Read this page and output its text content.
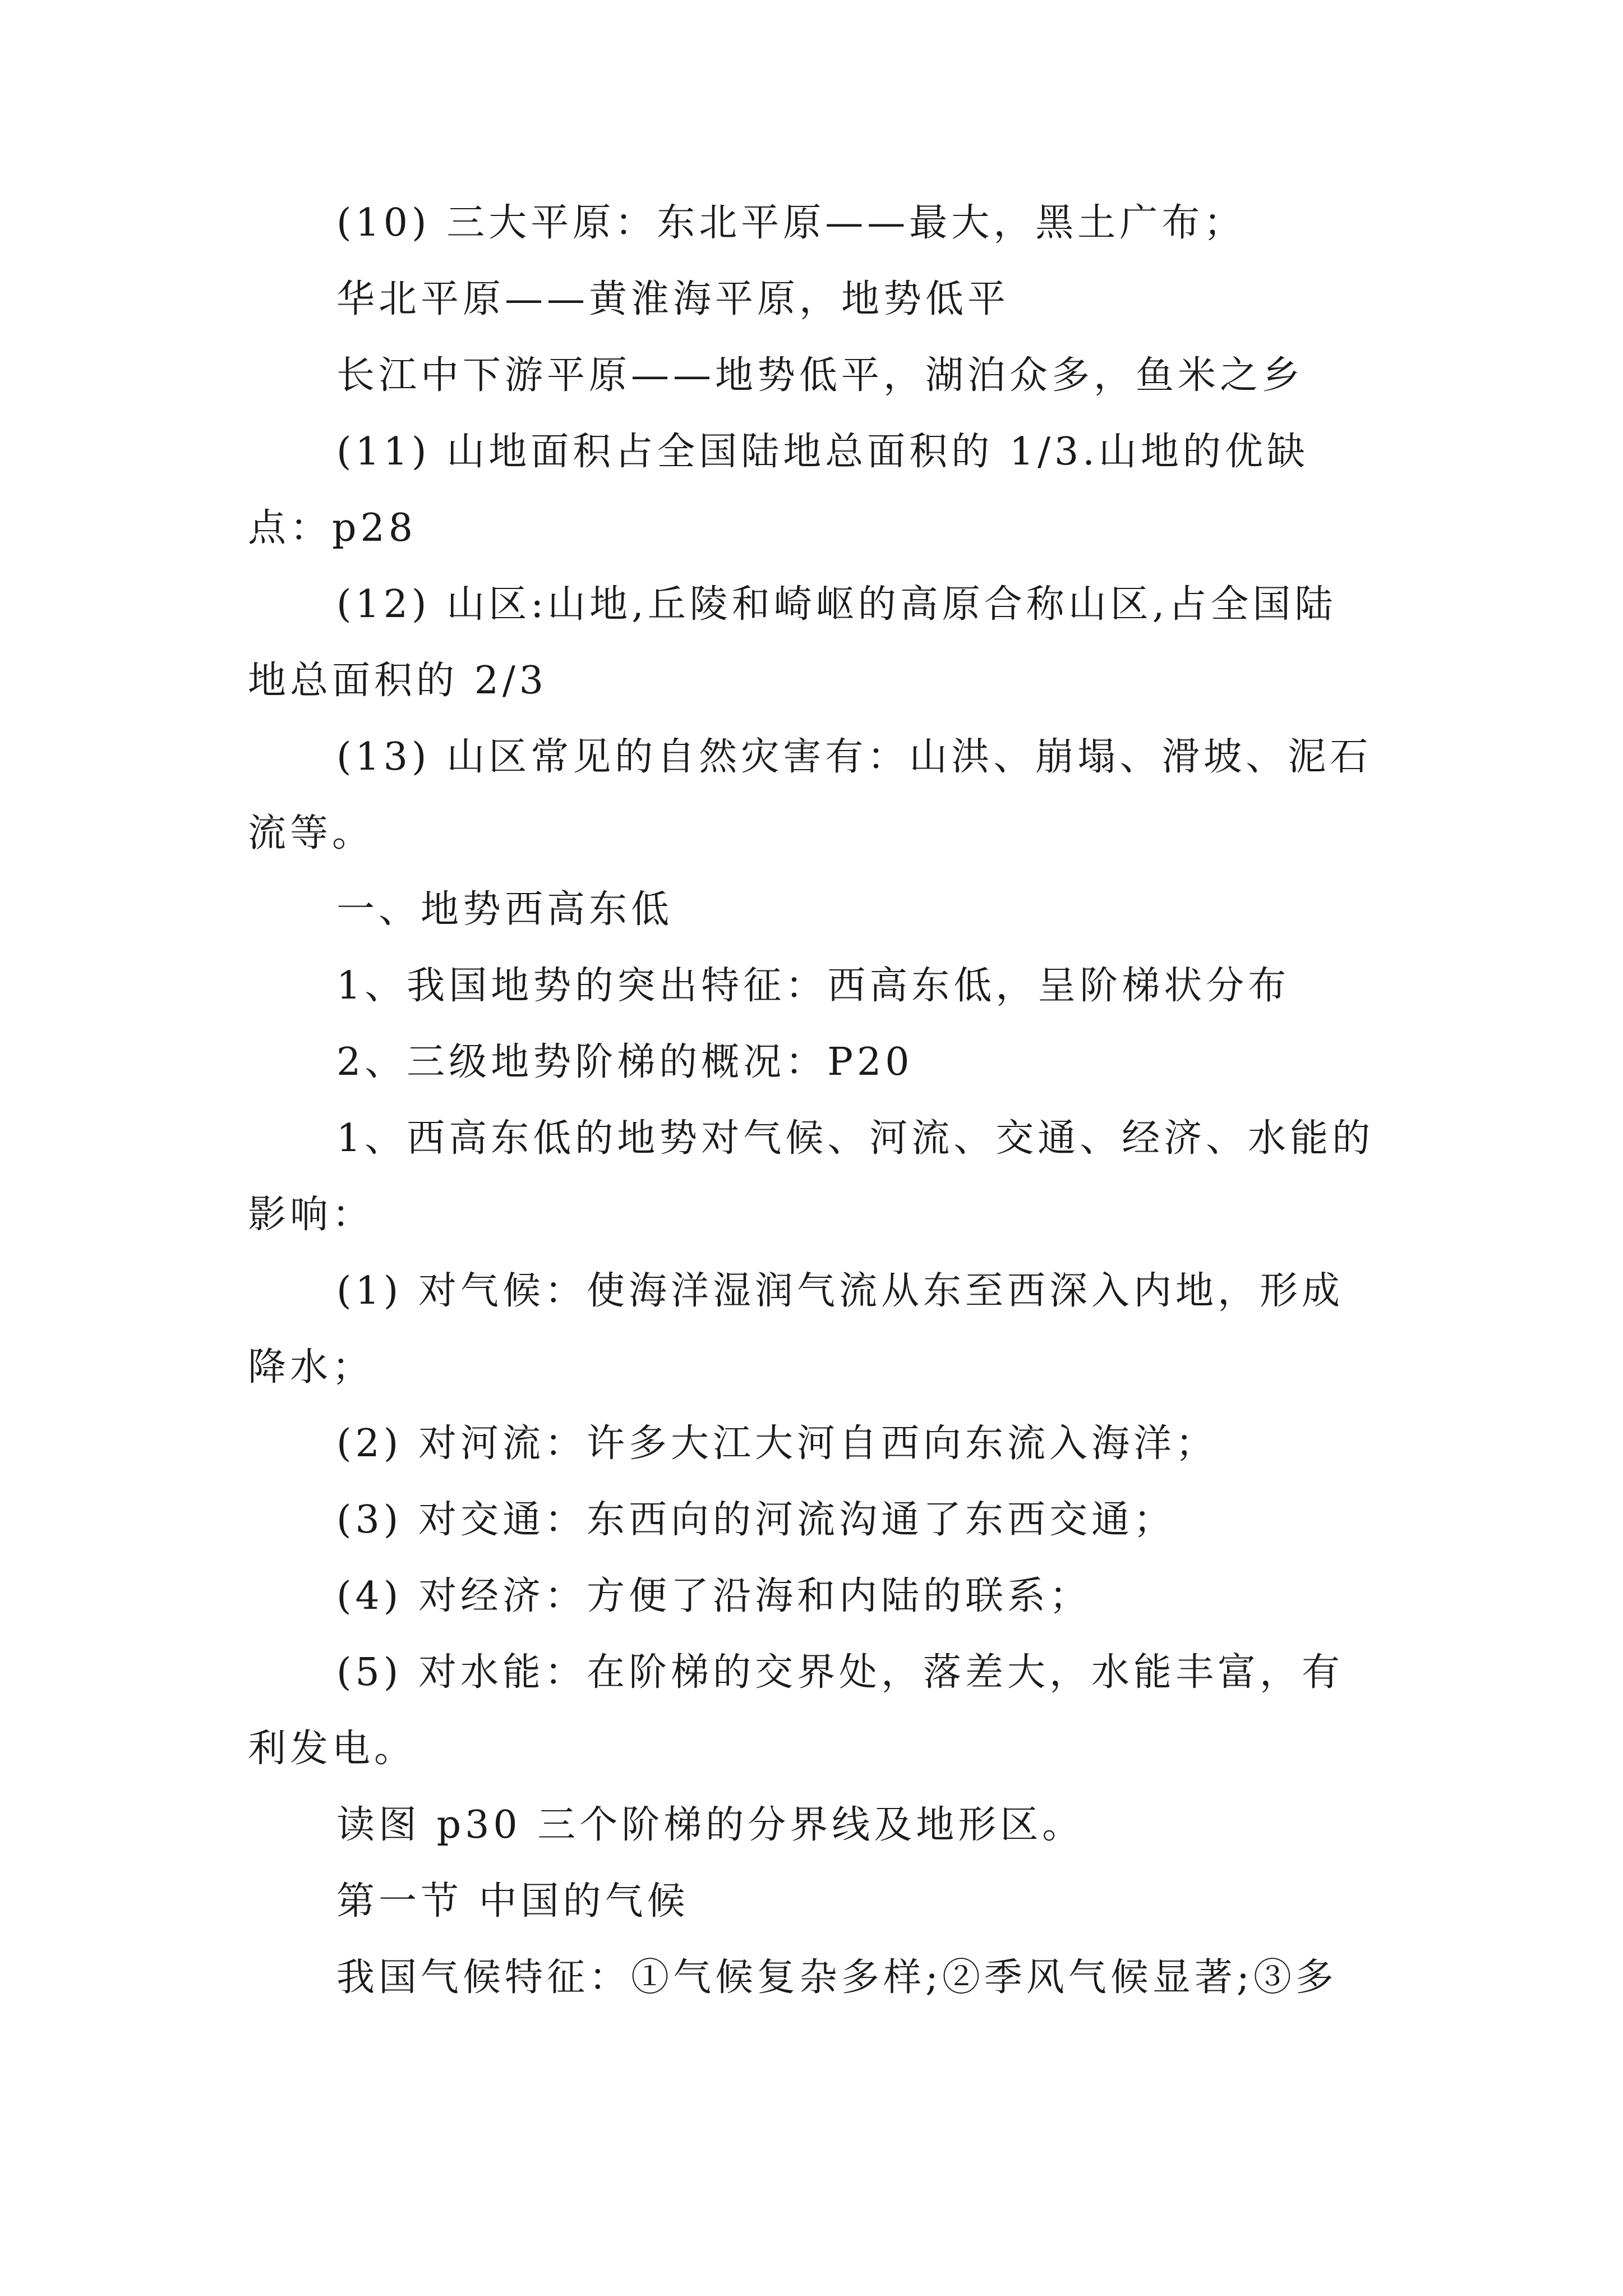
(10) 三大平原：东北平原——最大，黑土广布；

华北平原——黄淮海平原，地势低平

长江中下游平原——地势低平，湖泊众多，鱼米之乡

(11) 山地面积占全国陆地总面积的 1/3.山地的优缺点：p28

(12) 山区:山地,丘陵和崎岖的高原合称山区,占全国陆地总面积的 2/3

(13) 山区常见的自然灾害有：山洪、崩塌、滑坡、泥石流等。

一、地势西高东低

1、我国地势的突出特征：西高东低，呈阶梯状分布

2、三级地势阶梯的概况：P20

1、西高东低的地势对气候、河流、交通、经济、水能的影响：

(1) 对气候：使海洋湿润气流从东至西深入内地，形成降水；

(2) 对河流：许多大江大河自西向东流入海洋；

(3) 对交通：东西向的河流沟通了东西交通；

(4) 对经济：方便了沿海和内陆的联系；

(5) 对水能：在阶梯的交界处，落差大，水能丰富，有利发电。

读图 p30 三个阶梯的分界线及地形区。

第一节 中国的气候

我国气候特征：①气候复杂多样;②季风气候显著;③多
